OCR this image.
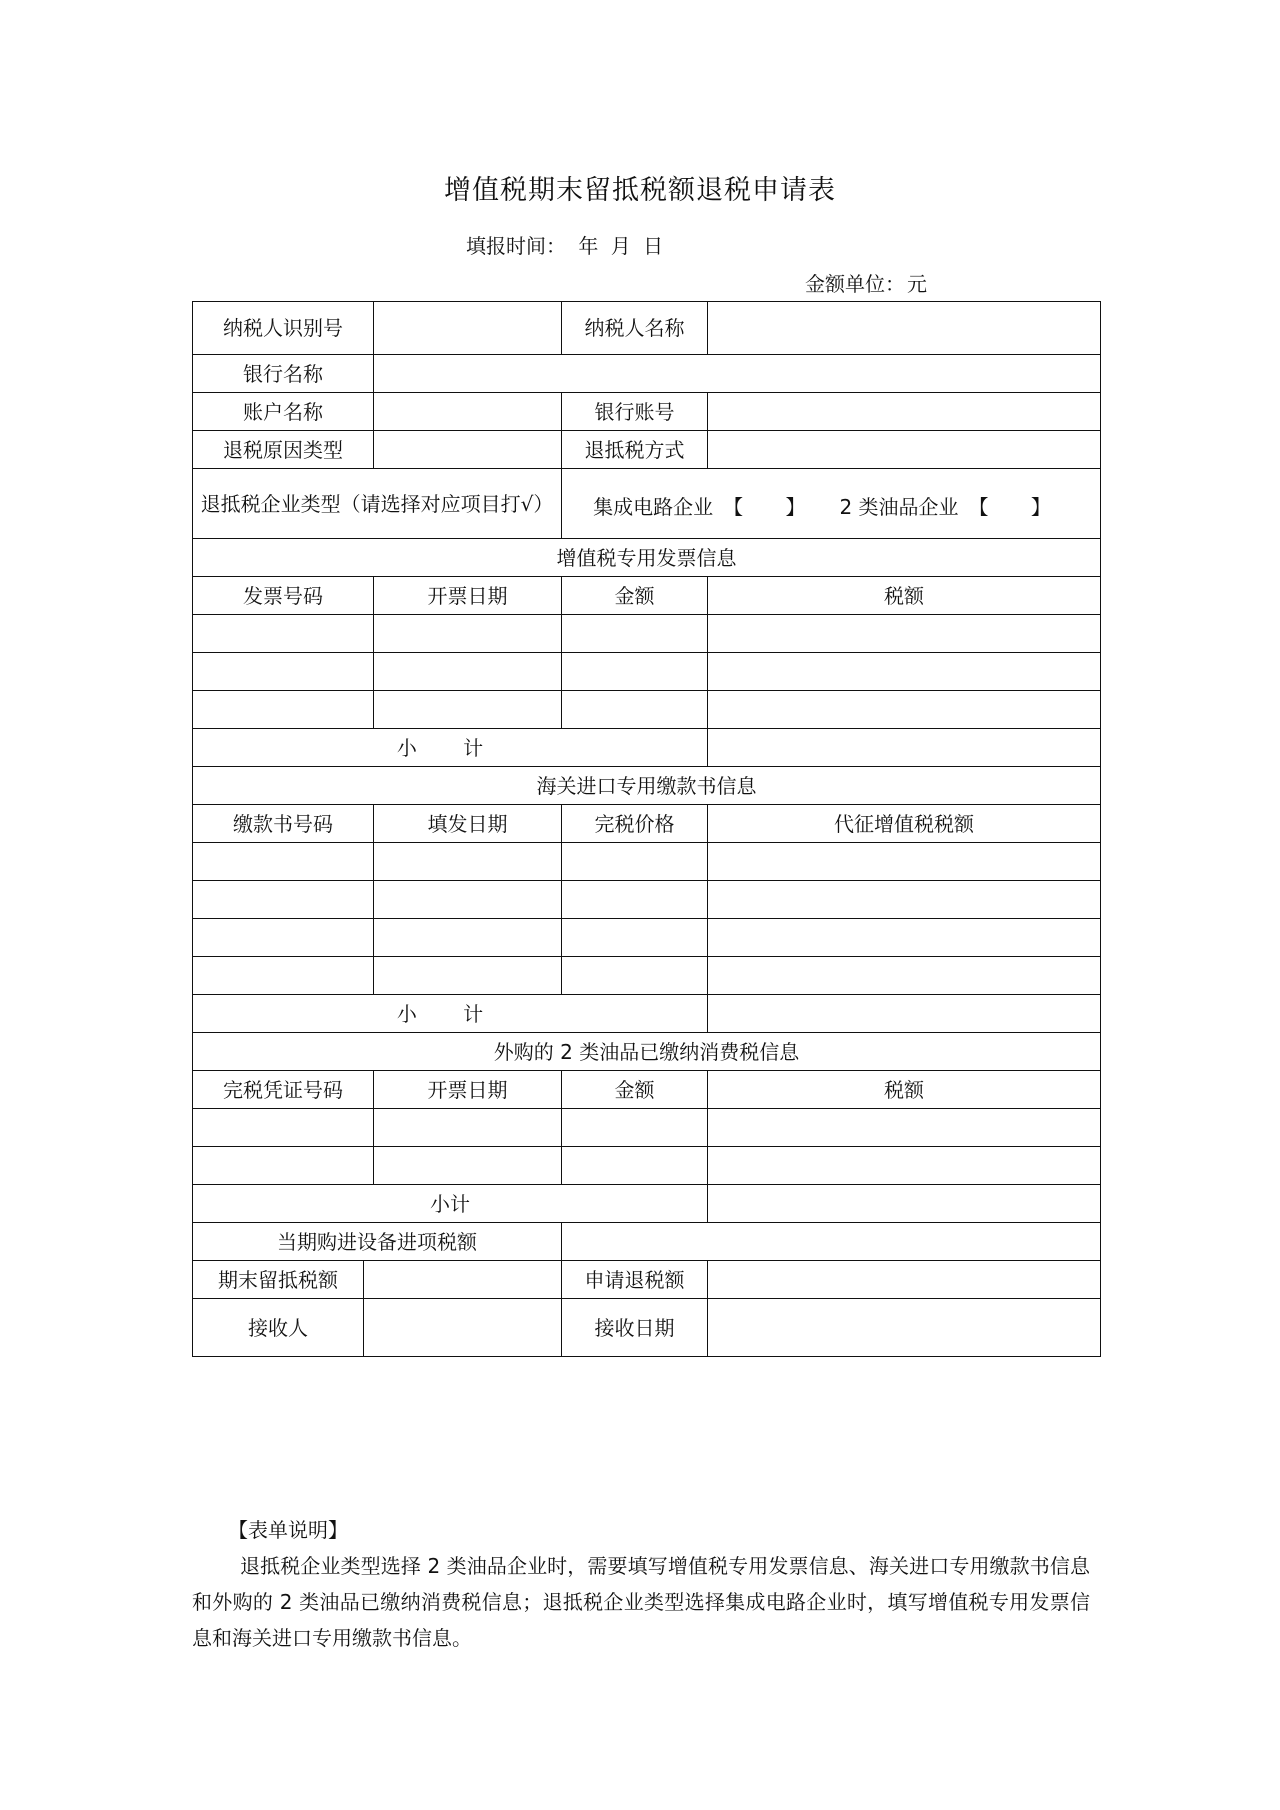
增值税期末留抵税额退税申请表
填报时间： 年 月 日
金额单位： 元
纳税人识别号			纳税人名称	
银行名称				
账户名称			银行账号	
退税原因类型			退抵税方式	
退抵税企业类型（请选择对应项目打√）			集成电路企业 【 】 2 类油品企业 【 】	

增值税专用发票信息				
发票号码		开票日期	金额	税额

小 计				
海关进口专用缴款书信息				
缴款书号码		填发日期	完税价格	代征增值税税额

小 计				
外购的 2 类油品已缴纳消费税信息				
完税凭证号码		开票日期	金额	税额

小计				
当期购进设备进项税额				
期末留抵税额			申请退税额	
接收人			接收日期	
【表单说明】
退抵税企业类型选择 2 类油品企业时，需要填写增值税专用发票信息、海关进口专用缴款书信息和外购的 2 类油品已缴纳消费税信息；退抵税企业类型选择集成电路企业时，填写增值税专用发票信息和海关进口专用缴款书信息。
